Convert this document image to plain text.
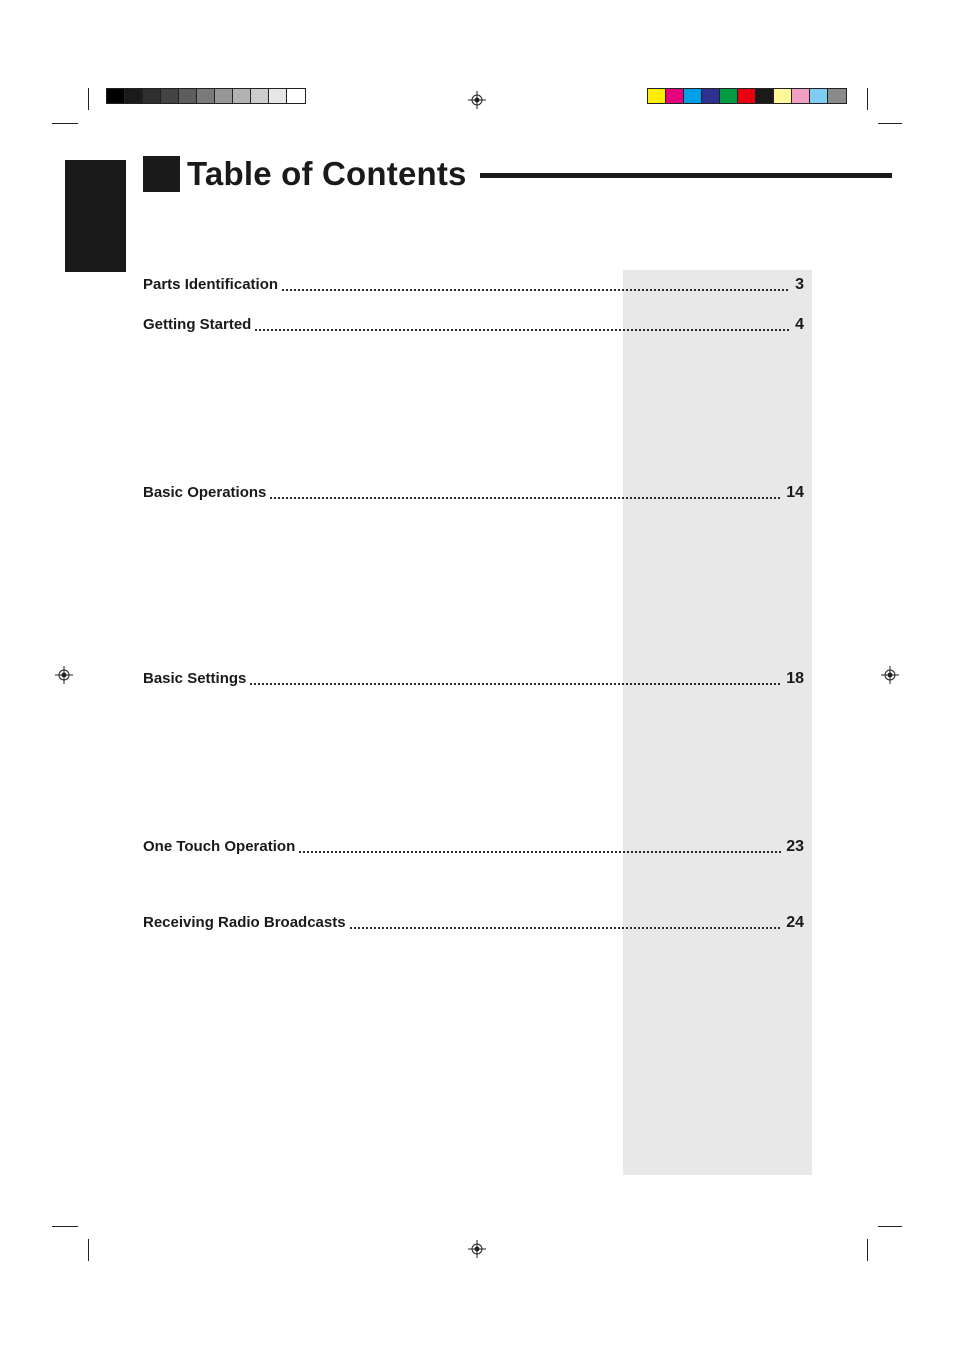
Table of Contents
Parts Identification	3
Getting Started	4
Basic Operations	14
Basic Settings	18
One Touch Operation	23
Receiving Radio Broadcasts	24
